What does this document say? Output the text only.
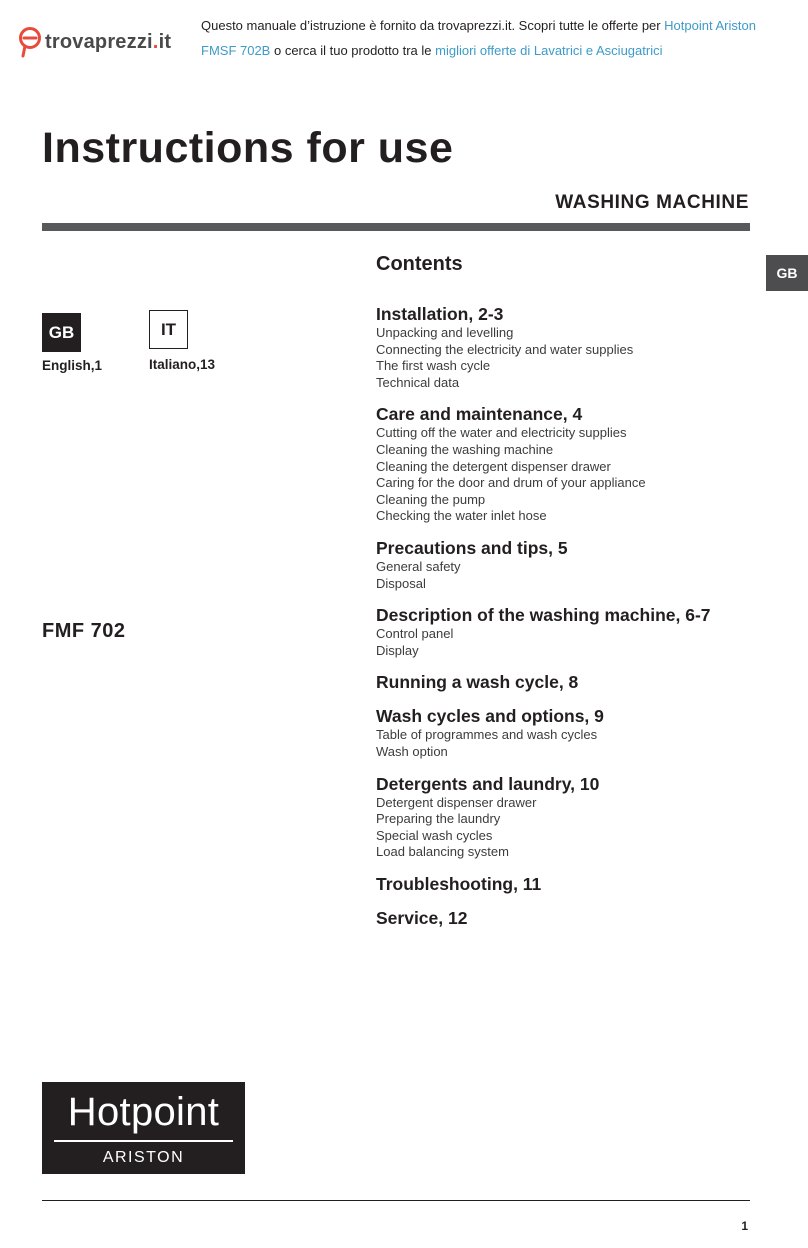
trovaprezzi.it
Questo manuale d’istruzione è fornito da trovaprezzi.it. Scopri tutte le offerte per Hotpoint Ariston
FMSF 702B o cerca il tuo prodotto tra le migliori offerte di Lavatrici e Asciugatrici
Instructions for use
WASHING MACHINE
GB
GB	IT
English,1	Italiano,13
FMF 702
Contents
Installation, 2-3
Unpacking and levelling
Connecting the electricity and water supplies
The first wash cycle
Technical data
Care and maintenance, 4
Cutting off the water and electricity supplies
Cleaning the washing machine
Cleaning the detergent dispenser drawer
Caring for the door and drum of your appliance
Cleaning the pump
Checking the water inlet hose
Precautions and tips, 5
General safety
Disposal
Description of the washing machine, 6-7
Control panel
Display
Running a wash cycle, 8
Wash cycles and options, 9
Table of programmes and wash cycles
Wash option
Detergents and laundry, 10
Detergent dispenser drawer
Preparing the laundry
Special wash cycles
Load balancing system
Troubleshooting, 11
Service, 12
Hotpoint
ARISTON
1
